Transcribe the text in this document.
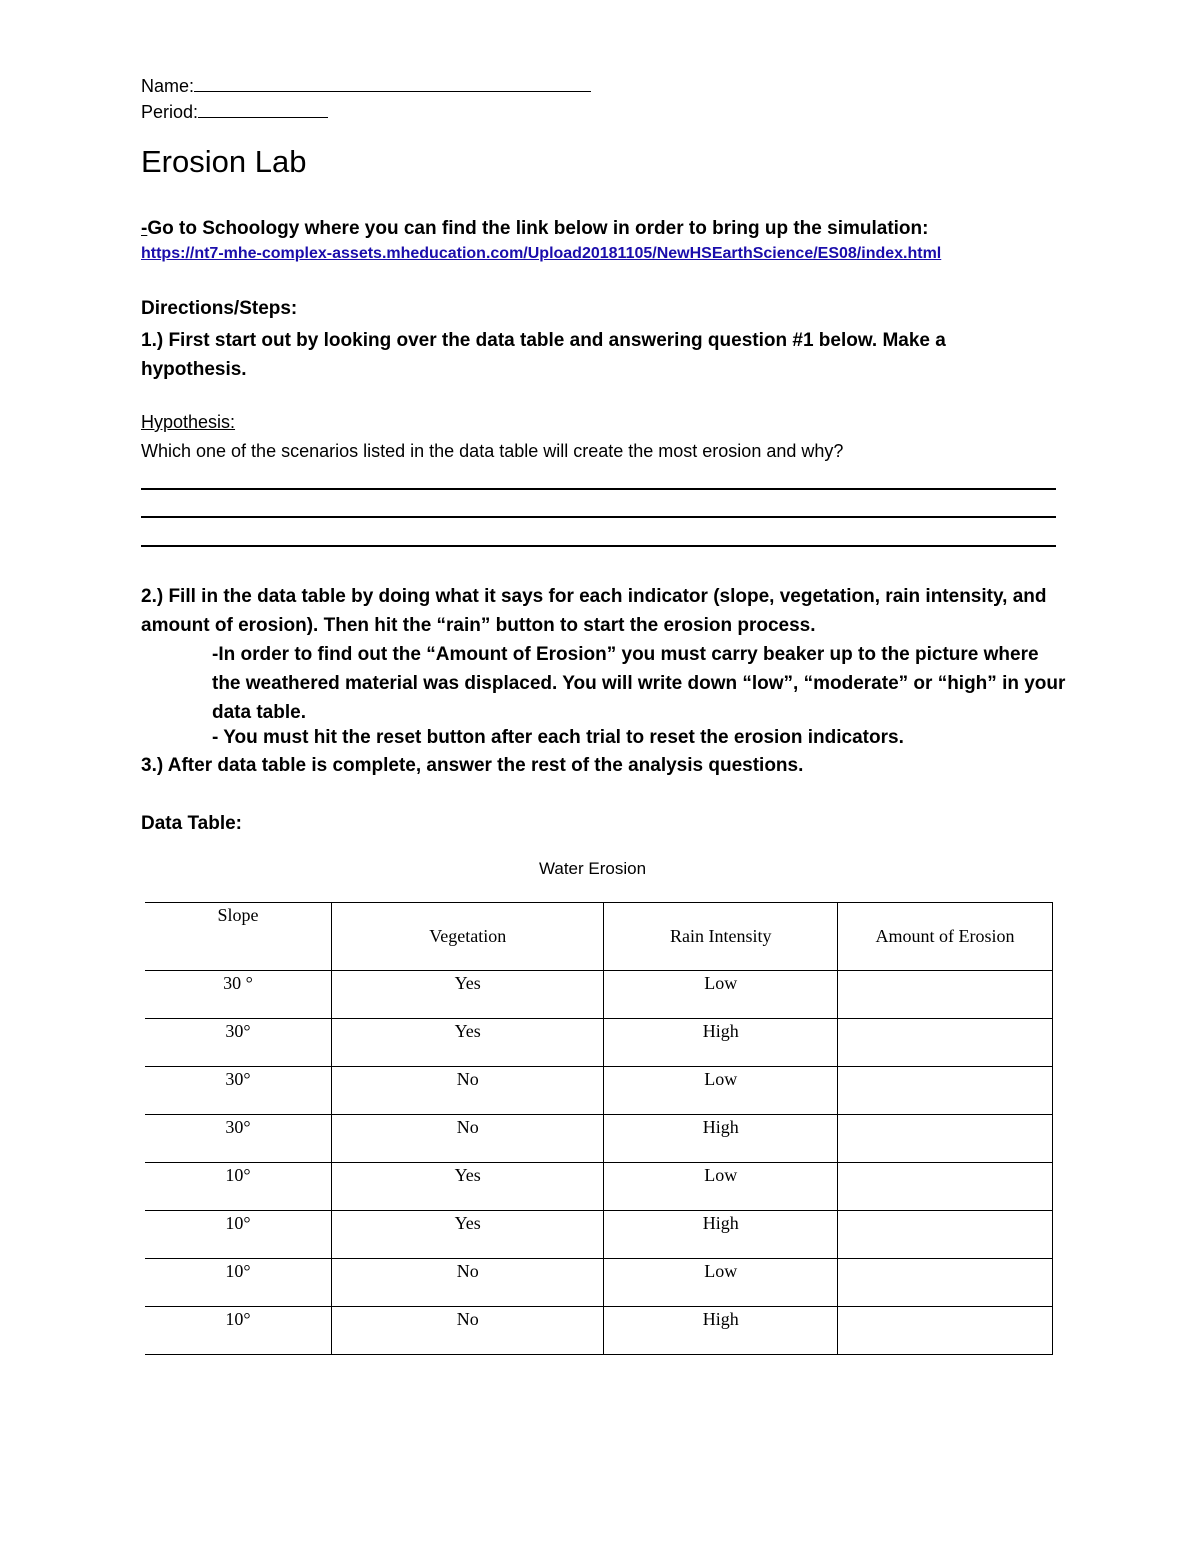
Name:
Period:
Erosion Lab
-Go to Schoology where you can find the link below in order to bring up the simulation:
https://nt7-mhe-complex-assets.mheducation.com/Upload20181105/NewHSEarthScience/ES08/index.html
Directions/Steps:
1.) First start out by looking over the data table and answering question #1 below. Make a hypothesis.
Hypothesis:
Which one of the scenarios listed in the data table will create the most erosion and why?
2.) Fill in the data table by doing what it says for each indicator (slope, vegetation, rain intensity, and amount of erosion). Then hit the “rain” button to start the erosion process.
-In order to find out the “Amount of Erosion” you must carry beaker up to the picture where the weathered material was displaced. You will write down “low”, “moderate” or “high” in your data table.
- You must hit the reset button after each trial to reset the erosion indicators.
3.) After data table is complete, answer the rest of the analysis questions.
Data Table:
Water Erosion
Slope	Vegetation	Rain Intensity	Amount of Erosion
30 °	Yes	Low	
30°	Yes	High	
30°	No	Low	
30°	No	High	
10°	Yes	Low	
10°	Yes	High	
10°	No	Low	
10°	No	High	
